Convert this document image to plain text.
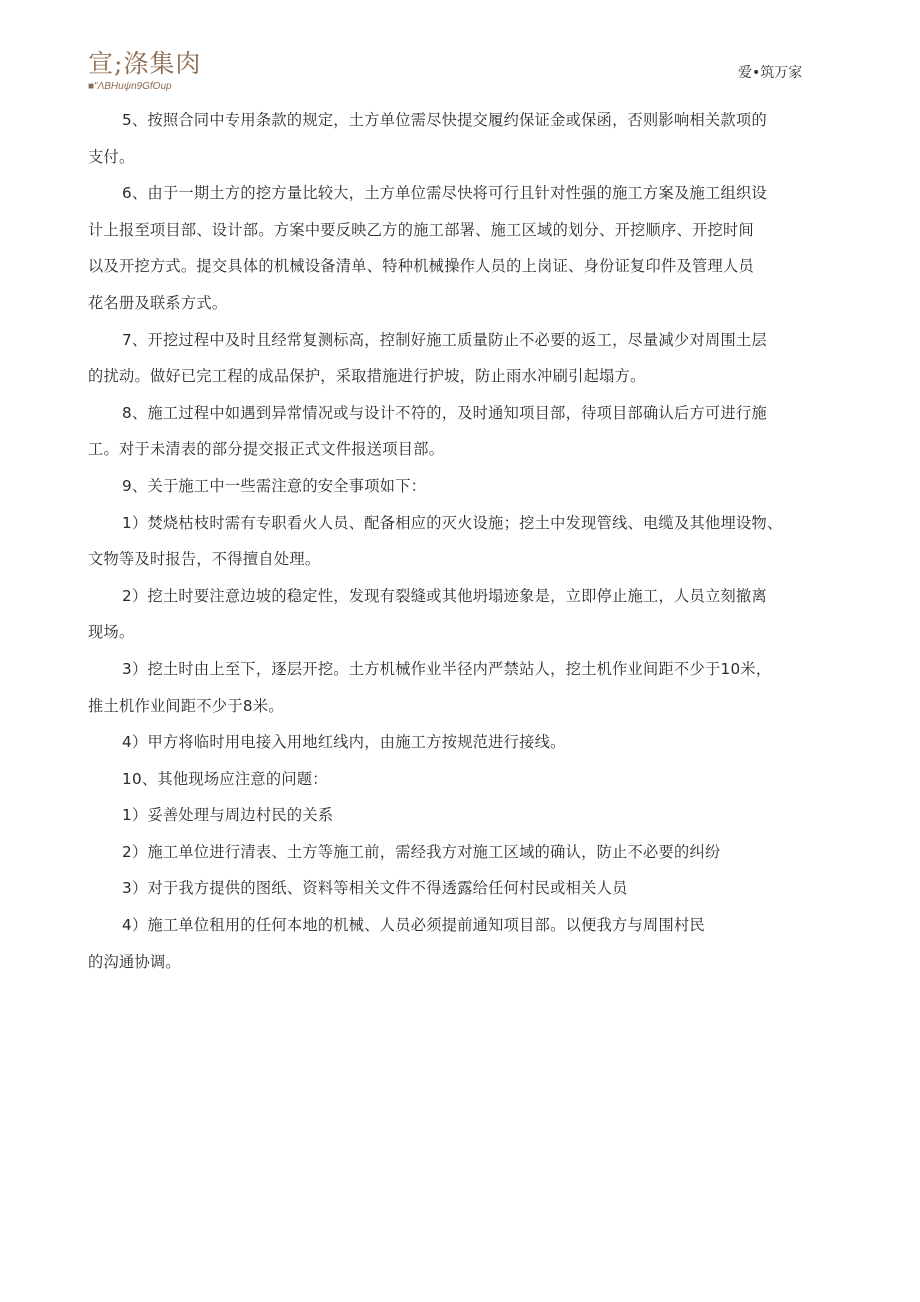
宣;涤集肉
■"ΛBHuψn9GfOup
爱•筑万家
5、按照合同中专用条款的规定，土方单位需尽快提交履约保证金或保函，否则影响相关款项的
支付。
6、由于一期土方的挖方量比较大，土方单位需尽快将可行且针对性强的施工方案及施工组织设
计上报至项目部、设计部。方案中要反映乙方的施工部署、施工区域的划分、开挖顺序、开挖时间
以及开挖方式。提交具体的机械设备清单、特种机械操作人员的上岗证、身份证复印件及管理人员
花名册及联系方式。
7、开挖过程中及时且经常复测标高，控制好施工质量防止不必要的返工，尽量减少对周围土层
的扰动。做好已完工程的成品保护，采取措施进行护坡，防止雨水冲刷引起塌方。
8、施工过程中如遇到异常情况或与设计不符的，及时通知项目部，待项目部确认后方可进行施
工。对于未清表的部分提交报正式文件报送项目部。
9、关于施工中一些需注意的安全事项如下：
1）焚烧枯枝时需有专职看火人员、配备相应的灭火设施；挖土中发现管线、电缆及其他埋设物、
文物等及时报告，不得擅自处理。
2）挖土时要注意边坡的稳定性，发现有裂缝或其他坍塌迹象是，立即停止施工，人员立刻撤离
现场。
3）挖土时由上至下，逐层开挖。土方机械作业半径内严禁站人，挖土机作业间距不少于10米，
推土机作业间距不少于8米。
4）甲方将临时用电接入用地红线内，由施工方按规范进行接线。
10、其他现场应注意的问题：
1）妥善处理与周边村民的关系
2）施工单位进行清表、土方等施工前，需经我方对施工区域的确认，防止不必要的纠纷
3）对于我方提供的图纸、资料等相关文件不得透露给任何村民或相关人员
4）施工单位租用的任何本地的机械、人员必须提前通知项目部。以便我方与周围村民
的沟通协调。
